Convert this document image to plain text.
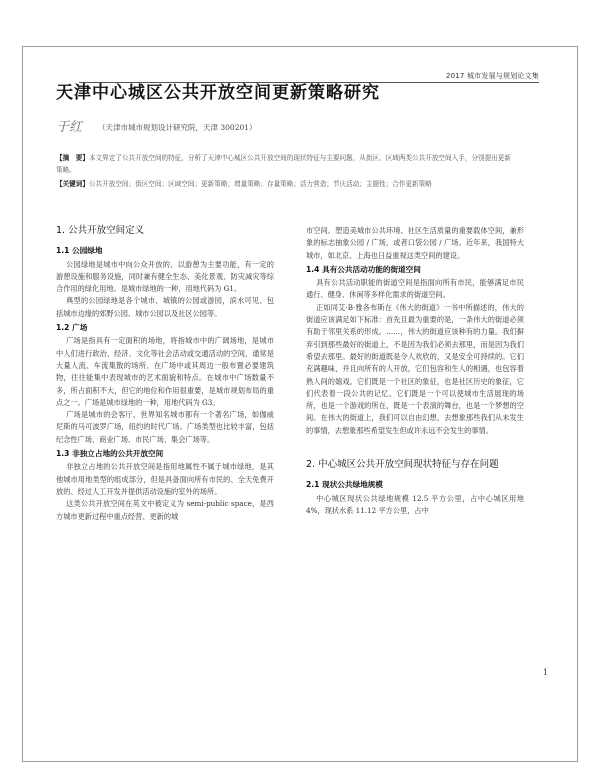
2017 城市发展与规划论文集
天津中心城区公共开放空间更新策略研究
于红 （天津市城市规划设计研究院，天津 300201）
【摘　要】本文界定了公共开放空间的特征，分析了天津中心城区公共开放空间的现状特征与主要问题，从街区、区域两类公共开放空间入手，分别提出更新策略。
【关键词】公共开放空间；街区空间；区域空间；更新策略；增量策略；存量策略；活力营造；节庆活动；主题性；合作更新策略
1. 公共开放空间定义
1.1 公园绿地

公园绿地是城市中向公众开放的、以游憩为主要功能，有一定的游憩设施和服务设施，同时兼有健全生态、美化景观、防灾减灾等综合作用的绿化用地。是城市绿地的一种，用地代码为 G1。

典型的公园绿地是各个城市、城镇的公园或游园，滨水可见、包括城市边缘的郊野公园、城市公园以及社区公园等。

1.2 广场

广场是指具有一定面积的场地，将指城市中的广阔场地，是城市中人们进行政治、经济、文化等社会活动或交通活动的空间，通常是大量人流、车流集散的场所。在广场中或其周边一般布置必要建筑物，往往能集中表现城市的艺术面貌和特点。在城市中广场数量不多，所占面积不大，但它的地位和作用很重要，是城市规划布局的重点之一。广场是城市绿地的一种，用地代码为 G3。

广场是城市的会客厅，世界知名城市都有一个著名广场，如伽威尼斯的马可波罗广场，纽约的时代广场。广场类型也比较丰富，包括纪念性广场、商业广场、市民广场、集会广场等。

1.3 非独立占地的公共开放空间

非独立占地的公共开放空间是指用地属性不属于城市绿地，是其他城市用地类型的组成部分，但是具备面向所有市民的、全天免费开放的、经过人工开发并提供活动设施的室外的场所。

这类公共开放空间在英文中被定义为 semi-public space，是西方城市更新过程中重点经营、更新的城

市空间。塑造美城市公共环境、社区生活质量的重要载体空间，兼形象的标志抽象公园 / 广场，或者口袋公园 / 广场。近年来，我国特大城市，如北京、上海也日益重视这类空间的建设。

1.4 具有公共活动功能的街道空间

具有公共活动职能的街道空间是指面向所有市民，能够满足市民通行、健身、休闲等多样化需求的街道空间。

正如同艾·B·雅各布斯在《伟大的街道》一书中所描述的，伟大的街道应该满足如下标准：首先且最为重要的是，一条伟大的街道必须有助于邻里关系的形成。……，伟大的街道应该种有的力量。我们摒弃引到那些最好的街道上，不是因为我们必须去那里，而是因为我们希望去那里。最好的街道既是令人欢欣的，又是安全可持续的。它们充满趣味，并且向所有的人开放，它们包容和生人的相遇，也包容着熟人间的嬉戏。它们既是一个社区的象征，也是社区历史的象征，它们代表着一段公共的记忆。它们既是一个可以使城市生活展现的场所，也是一个游戏的所在，既是一个表演的舞台，也是一个梦想的空间。在伟大的街道上，我们可以自由幻想，去想象那些我们从未发生的事情，去想象那些希望发生但或许永远不会发生的事情。

2. 中心城区公共开放空间现状特征与存在问题
2.1 现状公共绿地规模

中心城区现状公共绿地规模 12.5 平方公里，占中心城区用地 4%，现状水系 11.12 平方公里，占中

1
